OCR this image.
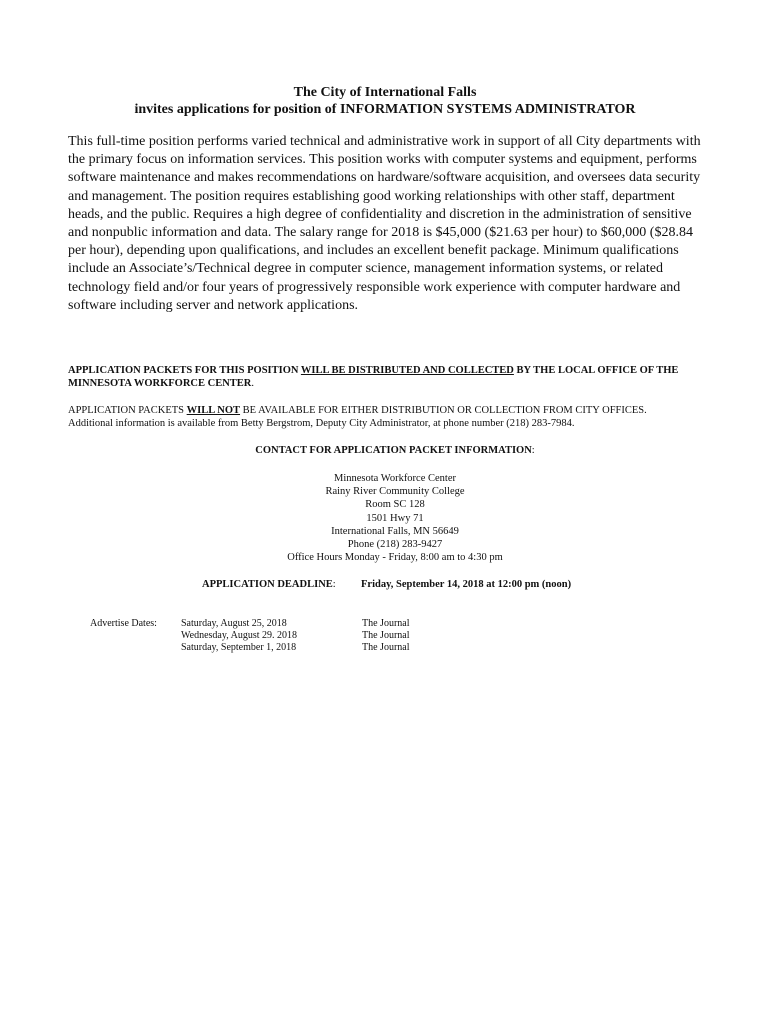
The City of International Falls
invites applications for position of INFORMATION SYSTEMS ADMINISTRATOR
This full-time position performs varied technical and administrative work in support of all City departments with the primary focus on information services. This position works with computer systems and equipment, performs software maintenance and makes recommendations on hardware/software acquisition, and oversees data security and management. The position requires establishing good working relationships with other staff, department heads, and the public. Requires a high degree of confidentiality and discretion in the administration of sensitive and nonpublic information and data. The salary range for 2018 is $45,000 ($21.63 per hour) to $60,000 ($28.84 per hour), depending upon qualifications, and includes an excellent benefit package. Minimum qualifications include an Associate’s/Technical degree in computer science, management information systems, or related technology field and/or four years of progressively responsible work experience with computer hardware and software including server and network applications.
APPLICATION PACKETS FOR THIS POSITION WILL BE DISTRIBUTED AND COLLECTED BY THE LOCAL OFFICE OF THE MINNESOTA WORKFORCE CENTER.
APPLICATION PACKETS WILL NOT BE AVAILABLE FOR EITHER DISTRIBUTION OR COLLECTION FROM CITY OFFICES.
Additional information is available from Betty Bergstrom, Deputy City Administrator, at phone number (218) 283-7984.
CONTACT FOR APPLICATION PACKET INFORMATION:
Minnesota Workforce Center
Rainy River Community College
Room SC 128
1501 Hwy 71
International Falls, MN 56649
Phone (218) 283-9427
Office Hours Monday - Friday, 8:00 am to 4:30 pm
APPLICATION DEADLINE: Friday, September 14, 2018 at 12:00 pm (noon)
Advertise Dates: Saturday, August 25, 2018
Wednesday, August 29. 2018
Saturday, September 1, 2018
The Journal
The Journal
The Journal
